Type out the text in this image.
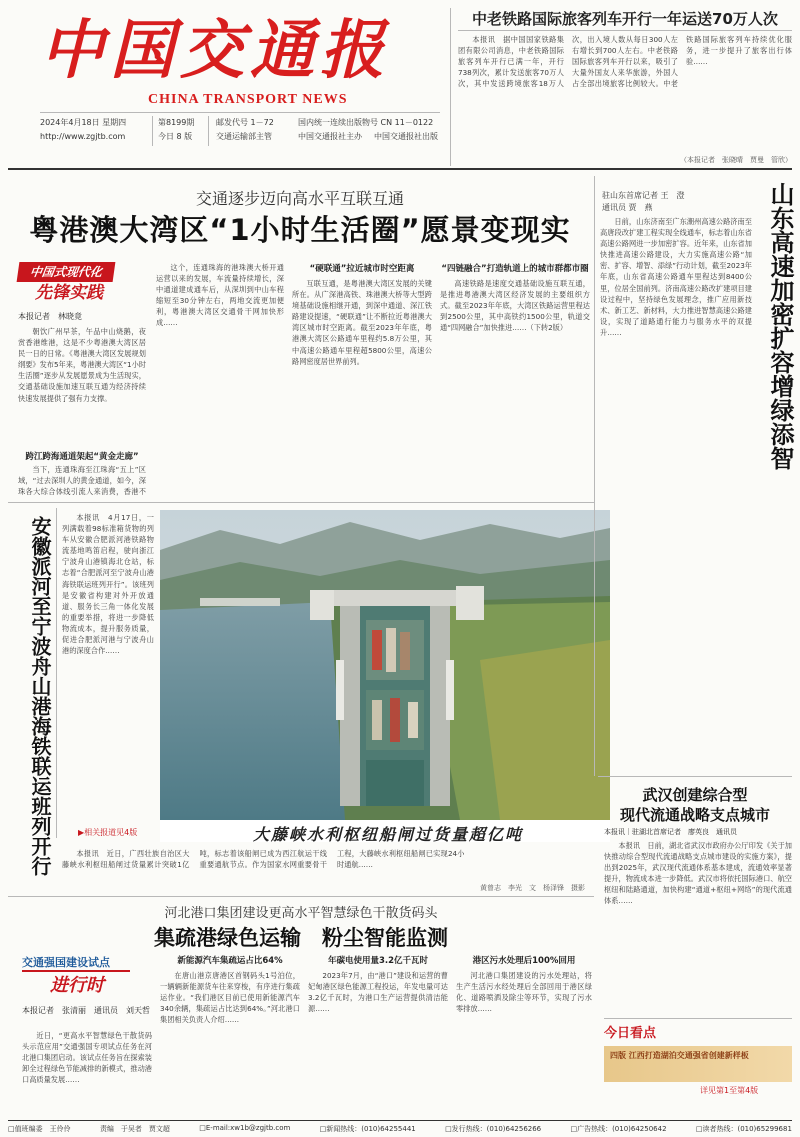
中国交通报
CHINA TRANSPORT NEWS
2024年4月18日 星期四
http://www.zgjtb.com
第8199期
今日 8 版
邮发代号 1－72
交通运输部主管
国内统一连续出版物号 CN 11－0122
中国交通报社主办 中国交通报社出版
中老铁路国际旅客列车开行一年运送70万人次

本报讯　据中国国家铁路集团有限公司消息，中老铁路国际旅客列车开行已满一年，开行738列次，累计发送旅客70万人次，其中发送跨境旅客18万人次，出入境人数从每日300人左右增长到700人左右。中老铁路国际旅客列车开行以来，吸引了大量外国友人来华旅游，外国人占全部出境旅客比例较大。中老铁路国际旅客列车持续优化服务，进一步提升了旅客出行体验……

（本报记者　张晓晴　贾曼　管欣）
交通逐步迈向高水平互联互通
粤港澳大湾区“1小时生活圈”愿景变现实
中国式现代化
先锋实践
本报记者　林晓竟

朝饮广州早茶，午品中山烧鹅，夜赏香港维港，这是不少粤港澳大湾区居民一日的日常。《粤港澳大湾区发展规划纲要》发布5年来，粤港澳大湾区“1小时生活圈”逐步从发展愿景成为生活现实，交通基础设施加速互联互通为经济持续快速发展提供了强有力支撑。

跨江跨海通道架起“黄金走廊”

当下，连通珠海至江珠海“五上”区域，“过去深圳人的黄金通道，如今，深珠各大综合体线引流人来消费，香港不

这个，连通珠海的港珠澳大桥开通运营以来的发展，车流量持续增长，深中通道建成通车后，从深圳到中山车程缩短至30分钟左右，两地交流更加便利，粤港澳大湾区交通骨干网加快形成……

“硬联通”拉近城市时空距离

互联互通，是粤港澳大湾区发展的关键所在。从广深港高铁、珠港澳大桥等大型跨境基础设施相继开通，到深中通道、深江铁路建设提速，“硬联通”让不断拉近粤港澳大湾区城市时空距离。截至2023年年底，粤港澳大湾区公路通车里程约5.8万公里，其中高速公路通车里程超5800公里，高速公路网密度居世界前列。

“四链融合”打造轨道上的城市群都市圈

高速铁路是速度交通基础设施互联互通，是推进粤港澳大湾区经济发展的主要组织方式。截至2023年年底，大湾区铁路运营里程达到2500公里，其中高铁约1500公里，轨道交通“四网融合”加快推进……（下转2版）

安徽派河至宁波舟山港海铁联运班列开行	本报讯　4月17日，一列满载着98标准箱货物的列车从安徽合肥派河港铁路物流基地鸣笛启程，驶向浙江宁波舟山港镇海北仓站，标志着“合肥派河至宁波舟山港海铁联运班列开行”。该班列是安徽省构建对外开放通道、服务长三角一体化发展的重要举措，将进一步降低物流成本，提升服务质量，促进合肥派河港与宁波舟山港的深度合作……

▶相关报道见4版	大藤峡水利枢纽船闸过货量超亿吨

本报讯　近日，广西壮族自治区大藤峡水利枢纽船闸过货量累计突破1亿吨，标志着该船闸已成为西江航运干线重要通航节点。作为国家水网重要骨干工程，大藤峡水利枢纽船闸已实现24小时通航……

黄曾志　李光　文　杨泽锋　摄影
驻山东首席记者 王　澄
通讯员 贾　燕	山东高速加密扩容增绿添智

日前，山东济南至广东潮州高速公路济南至高唐段改扩建工程实现全线通车，标志着山东省高速公路网进一步加密扩容。近年来，山东省加快推进高速公路建设，大力实施高速公路“加密、扩容、增智、添绿”行动计划，截至2023年年底，山东省高速公路通车里程达到8400公里，位居全国前列。济南高速公路改扩建项目建设过程中，坚持绿色发展理念，推广应用新技术、新工艺、新材料，大力推进智慧高速公路建设，实现了道路通行能力与服务水平的双提升……

武汉创建综合型
现代流通战略支点城市
本报讯｜驻湖北首席记者　廖英良　通讯员

本报讯　日前，湖北省武汉市政府办公厅印发《关于加快推动综合型现代流通战略支点城市建设的实施方案》，提出到2025年，武汉现代流通体系基本建成，流通效率显著提升，物流成本进一步降低。武汉市将依托国际港口、航空枢纽和陆路通道，加快构建“通道+枢纽+网络”的现代流通体系……

今日看点
四版 江西打造湖泊交通强省创建新样板
详见第1至第4版
河北港口集团建设更高水平智慧绿色干散货码头
集疏港绿色运输　粉尘智能监测
交通强国建设试点
进行时
本报记者　张清丽　通讯员　刘天哲

近日，“更高水平智慧绿色干散货码头示范应用”交通强国专项试点任务在河北港口集团启动。该试点任务旨在探索装卸全过程绿色节能减排的新模式，推动港口高质量发展……

新能源汽车集疏运占比64%

在唐山港京唐港区首钢码头1号泊位，一辆辆新能源货车往来穿梭，有序进行集疏运作业。“我们港区目前已使用新能源汽车340余辆，集疏运占比达到64%。”河北港口集团相关负责人介绍……

年碳电使用量3.2亿千瓦时

2023年7月，由“港口”建设和运营的曹妃甸港区绿色能源工程投运，年发电量可达3.2亿千瓦时，为港口生产运营提供清洁能源……

港区污水处理后100%回用

河北港口集团建设的污水处理站，将生产生活污水经处理后全部回用于港区绿化、道路喷洒及除尘等环节，实现了污水零排放……

□值班编委　王伶伶	责编　于吴者　贾文超	□E-mail:xw1b@zgjtb.com	□新闻热线：(010)64255441	□发行热线：(010)64256266	□广告热线：(010)64250642	□读者热线：(010)65299681
